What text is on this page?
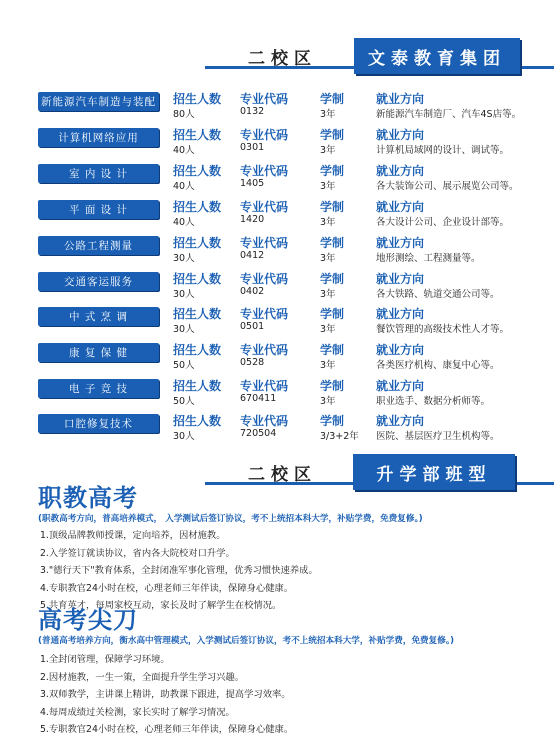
二校区	文泰教育集团
新能源汽车制造与装配 招生人数 专业代码	学制	就业方向
80人	0132	3年	新能源汽车制造厂、汽车4S店等。
计算机网络应用	招生人数 专业代码	学制	就业方向
40人	0301	3年	计算机局域网的设计、调试等。
室 内 设 计	招生人数 专业代码	学制	就业方向
40人	1405	3年	各大装饰公司、展示展览公司等。
平 面 设 计	招生人数 专业代码	学制	就业方向
40人	1420	3年	各大设计公司、企业设计部等。
公路工程测量	招生人数 专业代码	学制	就业方向
30人	0412	3年	地形测绘、工程测量等。
交通客运服务	招生人数 专业代码	学制	就业方向
30人	0402	3年	各大铁路、轨道交通公司等。
中 式 烹 调	招生人数 专业代码	学制	就业方向
30人	0501	3年	餐饮管理的高级技术性人才等。
康 复 保 健	招生人数 专业代码	学制	就业方向
50人	0528	3年	各类医疗机构、康复中心等。
电 子 竞 技	招生人数 专业代码	学制	就业方向
50人	670411	3年	职业选手、数据分析师等。
口腔修复技术	招生人数 专业代码	学制	就业方向
30人	720504	3/3+2年 医院、基层医疗卫生机构等。
二校区	升学部班型
职教高考
(职教高考方向，普高培养模式， 入学测试后签订协议，考不上统招本科大学，补贴学费，免费复修。)
1.顶级品牌教师授课，定向培养，因材施教。
2.入学签订就读协议，省内各大院校对口升学。
3."德行天下"教育体系，全封闭准军事化管理，优秀习惯快速养成。
4.专职教官24小时在校，心理老师三年伴读，保障身心健康。
5.共育英才，每周家校互动，家长及时了解学生在校情况。
高考尖刀
(普通高考培养方向，衡水高中管理模式，入学测试后签订协议，考不上统招本科大学，补贴学费，免费复修。)
1.全封闭管理，保障学习环境。
2.因材施教，一生一策，全面提升学生学习兴趣。
3.双师教学，主讲课上精讲，助教课下跟进，提高学习效率。
4.每周成绩过关检测，家长实时了解学习情况。
5.专职教官24小时在校，心理老师三年伴读，保障身心健康。
